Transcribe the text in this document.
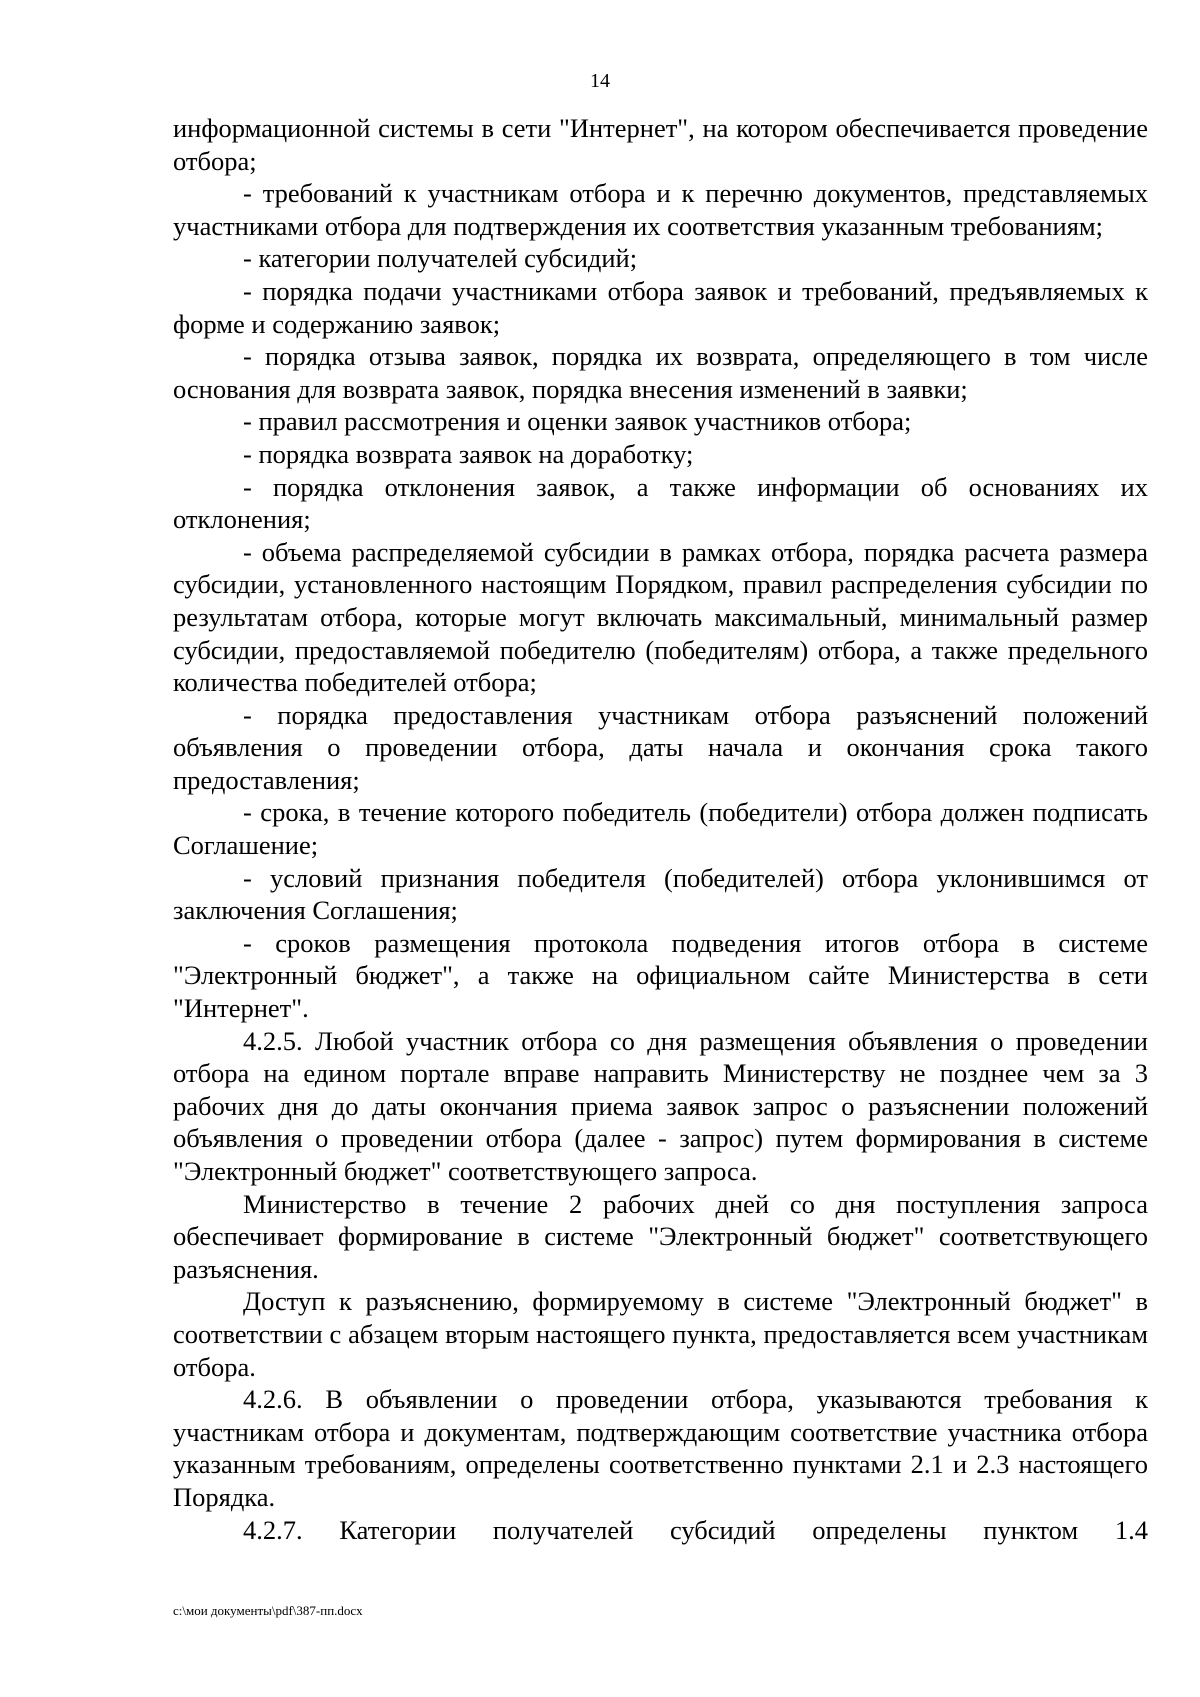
14

информационной системы в сети "Интернет", на котором обеспечивается проведение отбора;

- требований к участникам отбора и к перечню документов, представляемых участниками отбора для подтверждения их соответствия указанным требованиям;

- категории получателей субсидий;

- порядка подачи участниками отбора заявок и требований, предъявляемых к форме и содержанию заявок;

- порядка отзыва заявок, порядка их возврата, определяющего в том числе основания для возврата заявок, порядка внесения изменений в заявки;

- правил рассмотрения и оценки заявок участников отбора;

- порядка возврата заявок на доработку;

- порядка отклонения заявок, а также информации об основаниях их отклонения;

- объема распределяемой субсидии в рамках отбора, порядка расчета размера субсидии, установленного настоящим Порядком, правил распределения субсидии по результатам отбора, которые могут включать максимальный, минимальный размер субсидии, предоставляемой победителю (победителям) отбора, а также предельного количества победителей отбора;

- порядка предоставления участникам отбора разъяснений положений объявления о проведении отбора, даты начала и окончания срока такого предоставления;

- срока, в течение которого победитель (победители) отбора должен подписать Соглашение;

- условий признания победителя (победителей) отбора уклонившимся от заключения Соглашения;

- сроков размещения протокола подведения итогов отбора в системе "Электронный бюджет", а также на официальном сайте Министерства в сети "Интернет".

4.2.5. Любой участник отбора со дня размещения объявления о проведении отбора на едином портале вправе направить Министерству не позднее чем за 3 рабочих дня до даты окончания приема заявок запрос о разъяснении положений объявления о проведении отбора (далее - запрос) путем формирования в системе "Электронный бюджет" соответствующего запроса.

Министерство в течение 2 рабочих дней со дня поступления запроса обеспечивает формирование в системе "Электронный бюджет" соответствующего разъяснения.

Доступ к разъяснению, формируемому в системе "Электронный бюджет" в соответствии с абзацем вторым настоящего пункта, предоставляется всем участникам отбора.

4.2.6. В объявлении о проведении отбора, указываются требования к участникам отбора и документам, подтверждающим соответствие участника отбора указанным требованиям, определены соответственно пунктами 2.1 и 2.3 настоящего Порядка.

4.2.7. Категории получателей субсидий определены пунктом 1.4

c:\мои документы\pdf\387-пп.docx
